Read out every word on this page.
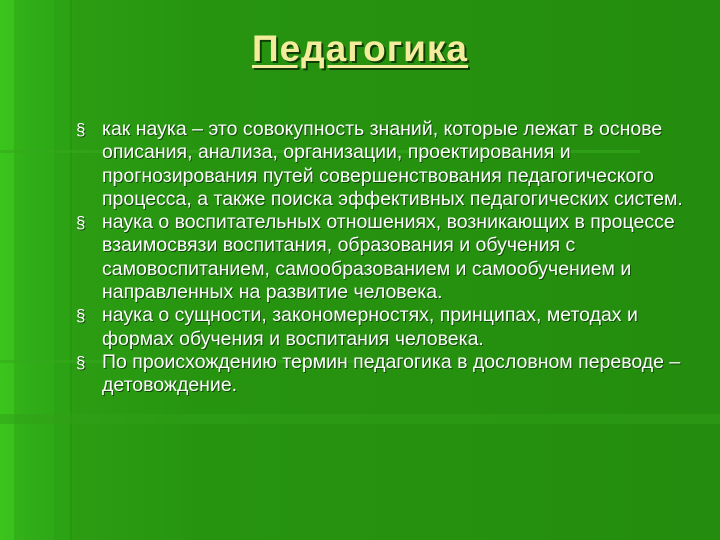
Педагогика
§ как наука – это совокупность знаний, которые лежат в основе описания, анализа, организации, проектирования и прогнозирования путей совершенствования педагогического процесса, а также поиска эффективных педагогических систем.
§ наука о воспитательных отношениях, возникающих в процессе взаимосвязи воспитания, образования и обучения с самовоспитанием, самообразованием и самообучением и направленных на развитие человека.
§ наука о сущности, закономерностях, принципах, методах и формах обучения и воспитания человека.
§ По происхождению термин педагогика в дословном переводе – детовождение.
